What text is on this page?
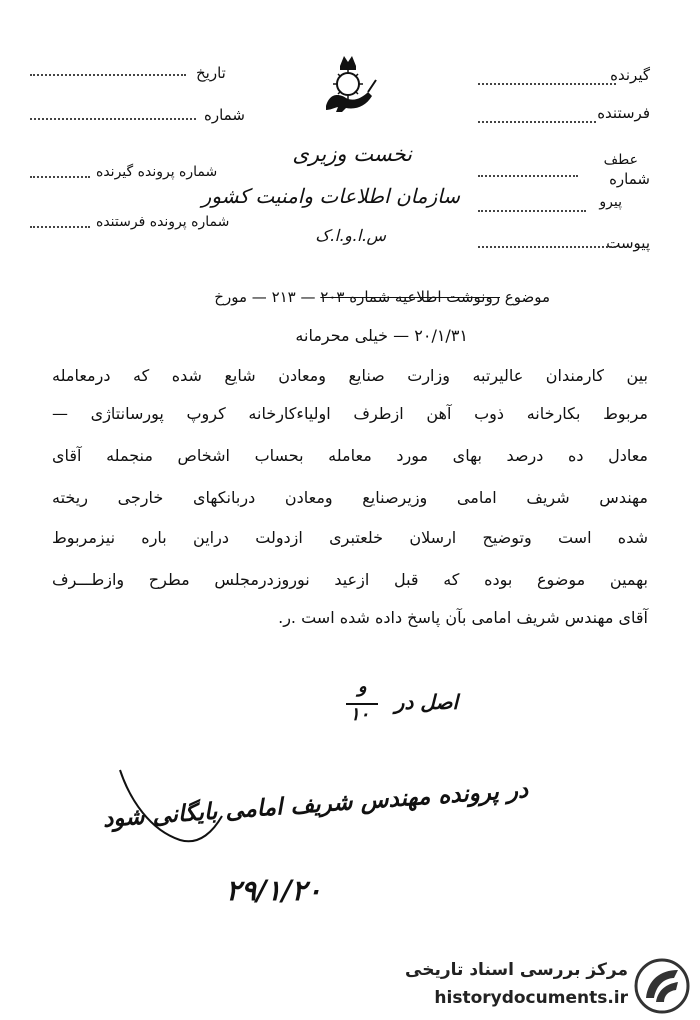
گیرنده
فرستنده
عطف
شماره
پیرو
پیوست
نخست وزیری
سازمان اطلاعات وامنیت کشور
س.ا.و.ا.ک
تاریخ
شماره
شماره پرونده گیرنده
شماره پرونده فرستنده
موضوع رونوشت اطلاعیه شماره ۲۰۳ — ۲۱۳ — مورخ
۲۰/۱/۳۱ — خیلی محرمانه
بین کارمندان عالیرتبه وزارت صنایع ومعادن شایع شده که درمعامله
مربوط بکارخانه ذوب آهن ازطرف اولیاءکارخانه کروپ پورسانتاژی —
معادل ده درصد بهای مورد معامله بحساب اشخاص منجمله آقای
مهندس شریف امامی وزیرصنایع ومعادن دربانکهای خارجی ریخته
شده است وتوضیح ارسلان خلعتبری ازدولت دراین باره نیزمربوط
بهمین موضوع بوده که قبل ازعید نوروزدرمجلس مطرح وازطـــرف
آقای مهندس شریف امامی بآن پاسخ داده شده است .ر.
اصل در
و
۱۰
در پرونده مهندس شریف امامی بایگانی شود
۲۹/۱/۲۰
مرکز بررسی اسناد تاریخی
historydocuments.ir
